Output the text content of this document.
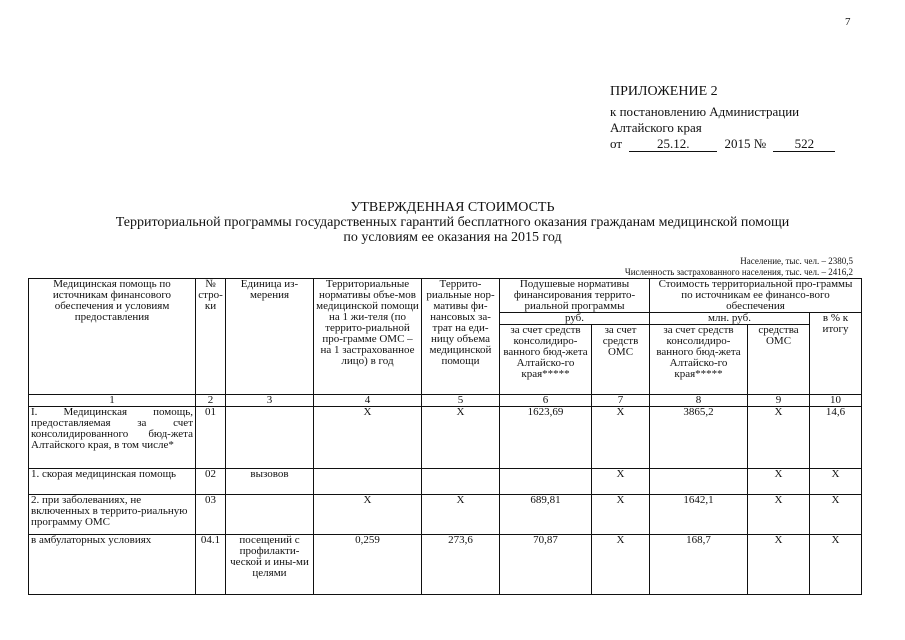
7
ПРИЛОЖЕНИЕ 2
к постановлению Администрации
Алтайского края
от	25.12.	2015 № 522
УТВЕРЖДЕННАЯ СТОИМОСТЬ
Территориальной программы государственных гарантий бесплатного оказания гражданам медицинской помощи
по условиям ее оказания на 2015 год
Население, тыс. чел. – 2380,5
Численность застрахованного населения, тыс. чел. – 2416,2
Медицинская помощь по источникам финансового обеспечения и условиям предоставления	№ стро-ки	Единица из-мерения	Территориальные нормативы объе-мов медицинской помощи на 1 жи-теля (по террито-риальной про-грамме ОМС – на 1 застрахованное лицо) в год	Террито-риальные нор-мативы фи-нансовых за-трат на еди-ницу объема медицинской помощи	Подушевые нормативы финансирования террито-риальной программы		Стоимость территориальной про-граммы по источникам ее финансо-вого обеспечения		
					руб.		млн. руб.		в % к итогу
					за счет средств консолидиро-ванного бюд-жета Алтайско-го края*****	за счет средств ОМС	за счет средств консолидиро-ванного бюд-жета Алтайско-го края*****	средства ОМС	
1	2	3	4	5	6	7	8	9	10
I. Медицинская помощь, предоставляемая за счет консолидированного бюд-жета Алтайского края, в том числе*	01		Х	Х	1623,69	Х	3865,2	Х	14,6
1. скорая медицинская помощь	02	вызовов				Х		Х	Х
2. при заболеваниях, не включенных в террито-риальную программу ОМС	03		Х	Х	689,81	Х	1642,1	Х	Х
в амбулаторных условиях	04.1	посещений с профилакти-ческой и ины-ми целями	0,259	273,6	70,87	Х	168,7	Х	Х
